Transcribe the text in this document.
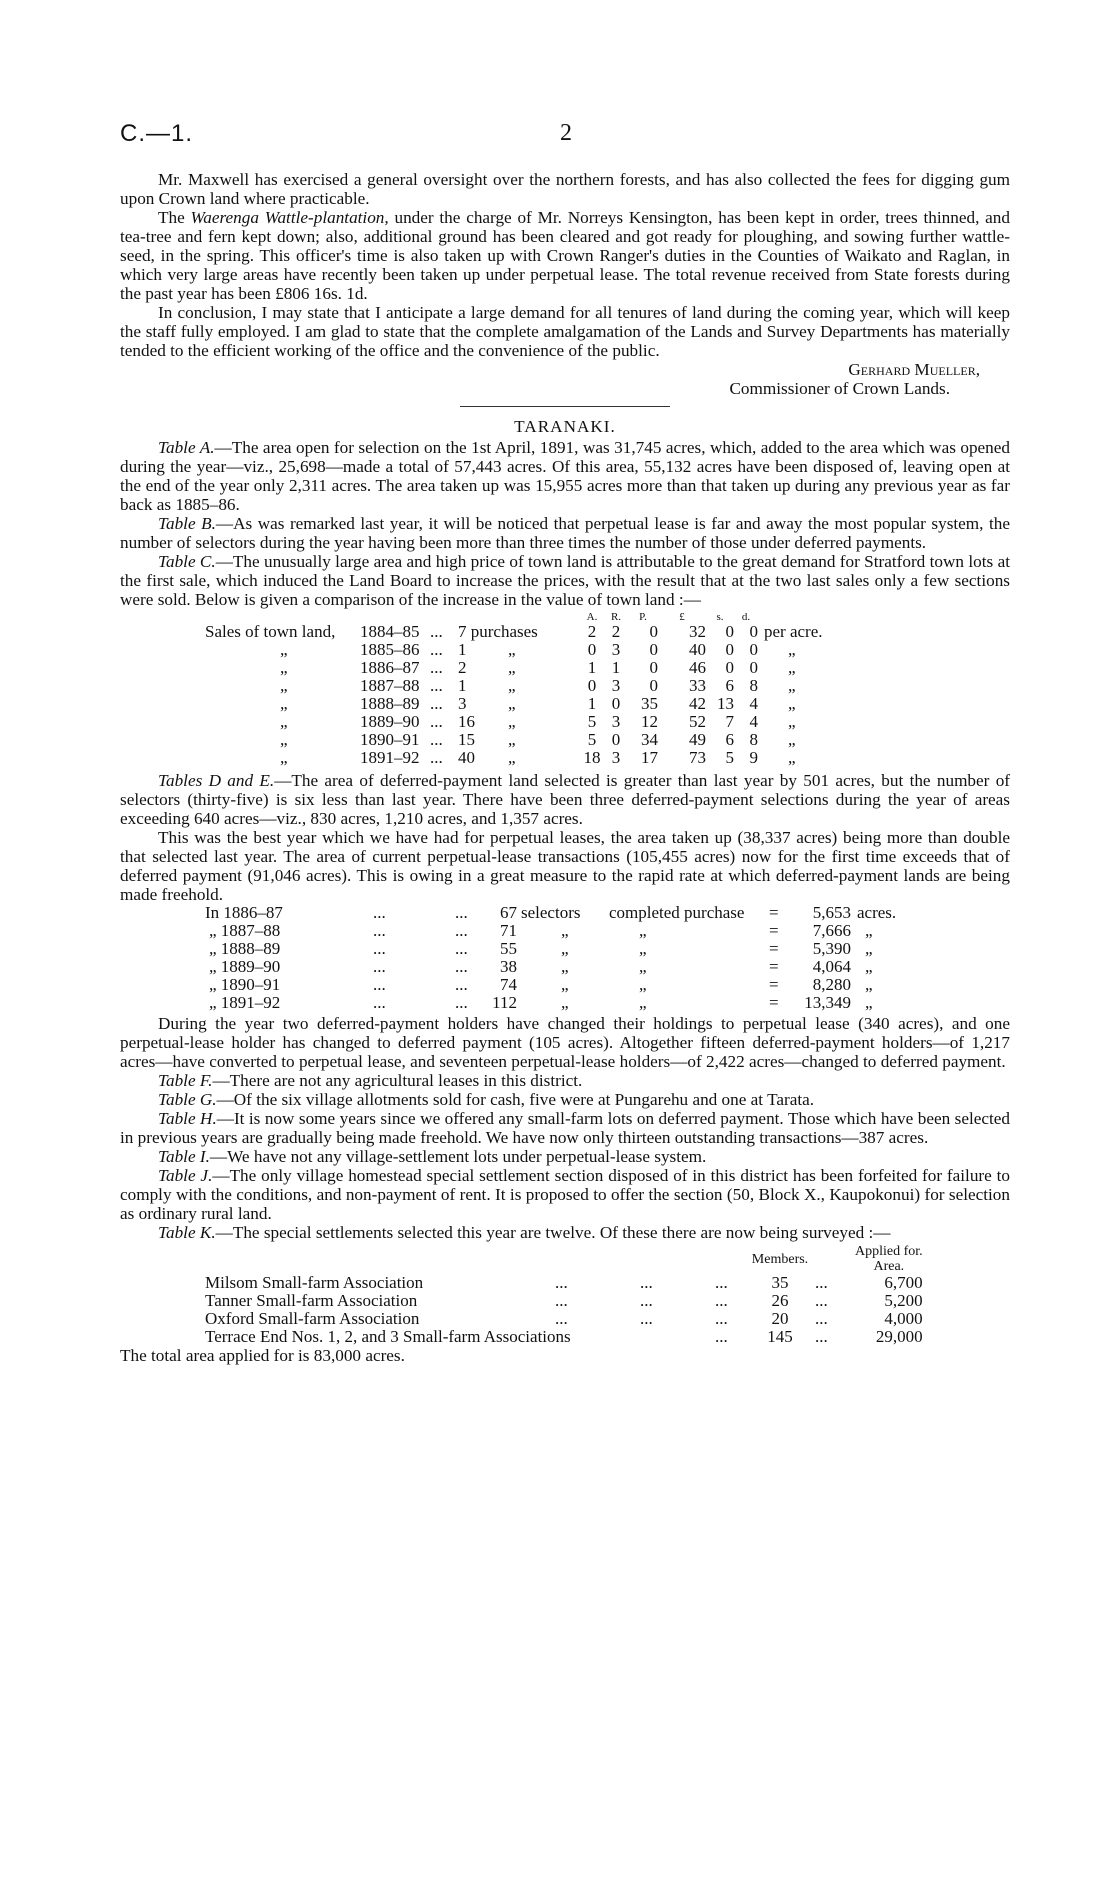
C.—1.	2

Mr. Maxwell has exercised a general oversight over the northern forests, and has also collected the fees for digging gum upon Crown land where practicable.

The Waerenga Wattle-plantation, under the charge of Mr. Norreys Kensington, has been kept in order, trees thinned, and tea-tree and fern kept down; also, additional ground has been cleared and got ready for ploughing, and sowing further wattle-seed, in the spring. This officer's time is also taken up with Crown Ranger's duties in the Counties of Waikato and Raglan, in which very large areas have recently been taken up under perpetual lease. The total revenue received from State forests during the past year has been £806 16s. 1d.

In conclusion, I may state that I anticipate a large demand for all tenures of land during the coming year, which will keep the staff fully employed. I am glad to state that the complete amalgamation of the Lands and Survey Departments has materially tended to the efficient working of the office and the convenience of the public.

Gerhard Mueller,
Commissioner of Crown Lands.
TARANAKI.

Table A.—The area open for selection on the 1st April, 1891, was 31,745 acres, which, added to the area which was opened during the year—viz., 25,698—made a total of 57,443 acres. Of this area, 55,132 acres have been disposed of, leaving open at the end of the year only 2,311 acres. The area taken up was 15,955 acres more than that taken up during any previous year as far back as 1885–86.

Table B.—As was remarked last year, it will be noticed that perpetual lease is far and away the most popular system, the number of selectors during the year having been more than three times the number of those under deferred payments.

Table C.—The unusually large area and high price of town land is attributable to the great demand for Stratford town lots at the first sale, which induced the Land Board to increase the prices, with the result that at the two last sales only a few sections were sold. Below is given a comparison of the increase in the value of town land :—

					A.	R.	P.	£	s.	d.	
Sales of town land,	1884–85	...	7 purchases		2	2	0	32	0	0	per acre.
„	1885–86	...	1	„	0	3	0	40	0	0	„
„	1886–87	...	2	„	1	1	0	46	0	0	„
„	1887–88	...	1	„	0	3	0	33	6	8	„
„	1888–89	...	3	„	1	0	35	42	13	4	„
„	1889–90	...	16	„	5	3	12	52	7	4	„
„	1890–91	...	15	„	5	0	34	49	6	8	„
„	1891–92	...	40	„	18	3	17	73	5	9	„

Tables D and E.—The area of deferred-payment land selected is greater than last year by 501 acres, but the number of selectors (thirty-five) is six less than last year. There have been three deferred-payment selections during the year of areas exceeding 640 acres—viz., 830 acres, 1,210 acres, and 1,357 acres.

This was the best year which we have had for perpetual leases, the area taken up (38,337 acres) being more than double that selected last year. The area of current perpetual-lease transactions (105,455 acres) now for the first time exceeds that of deferred payment (91,046 acres). This is owing in a great measure to the rapid rate at which deferred-payment lands are being made freehold.

In 1886–87	...	...	67	selectors	completed purchase	=	5,653	acres.
„ 1887–88	...	...	71	„	„	=	7,666	„
„ 1888–89	...	...	55	„	„	=	5,390	„
„ 1889–90	...	...	38	„	„	=	4,064	„
„ 1890–91	...	...	74	„	„	=	8,280	„
„ 1891–92	...	...	112	„	„	=	13,349	„

During the year two deferred-payment holders have changed their holdings to perpetual lease (340 acres), and one perpetual-lease holder has changed to deferred payment (105 acres). Altogether fifteen deferred-payment holders—of 1,217 acres—have converted to perpetual lease, and seventeen perpetual-lease holders—of 2,422 acres—changed to deferred payment.

Table F.—There are not any agricultural leases in this district.

Table G.—Of the six village allotments sold for cash, five were at Pungarehu and one at Tarata.

Table H.—It is now some years since we offered any small-farm lots on deferred payment. Those which have been selected in previous years are gradually being made freehold. We have now only thirteen outstanding transactions—387 acres.

Table I.—We have not any village-settlement lots under perpetual-lease system.

Table J.—The only village homestead special settlement section disposed of in this district has been forfeited for failure to comply with the conditions, and non-payment of rent. It is proposed to offer the section (50, Block X., Kaupokonui) for selection as ordinary rural land.

Table K.—The special settlements selected this year are twelve. Of these there are now being surveyed :—

					Members.		Applied for.
Area.
Milsom Small-farm Association	...	...	...		35	...	6,700
Tanner Small-farm Association	...	...	...		26	...	5,200
Oxford Small-farm Association	...	...	...		20	...	4,000
Terrace End Nos. 1, 2, and 3 Small-farm Associations			...		145	...	29,000
The total area applied for is 83,000 acres.
